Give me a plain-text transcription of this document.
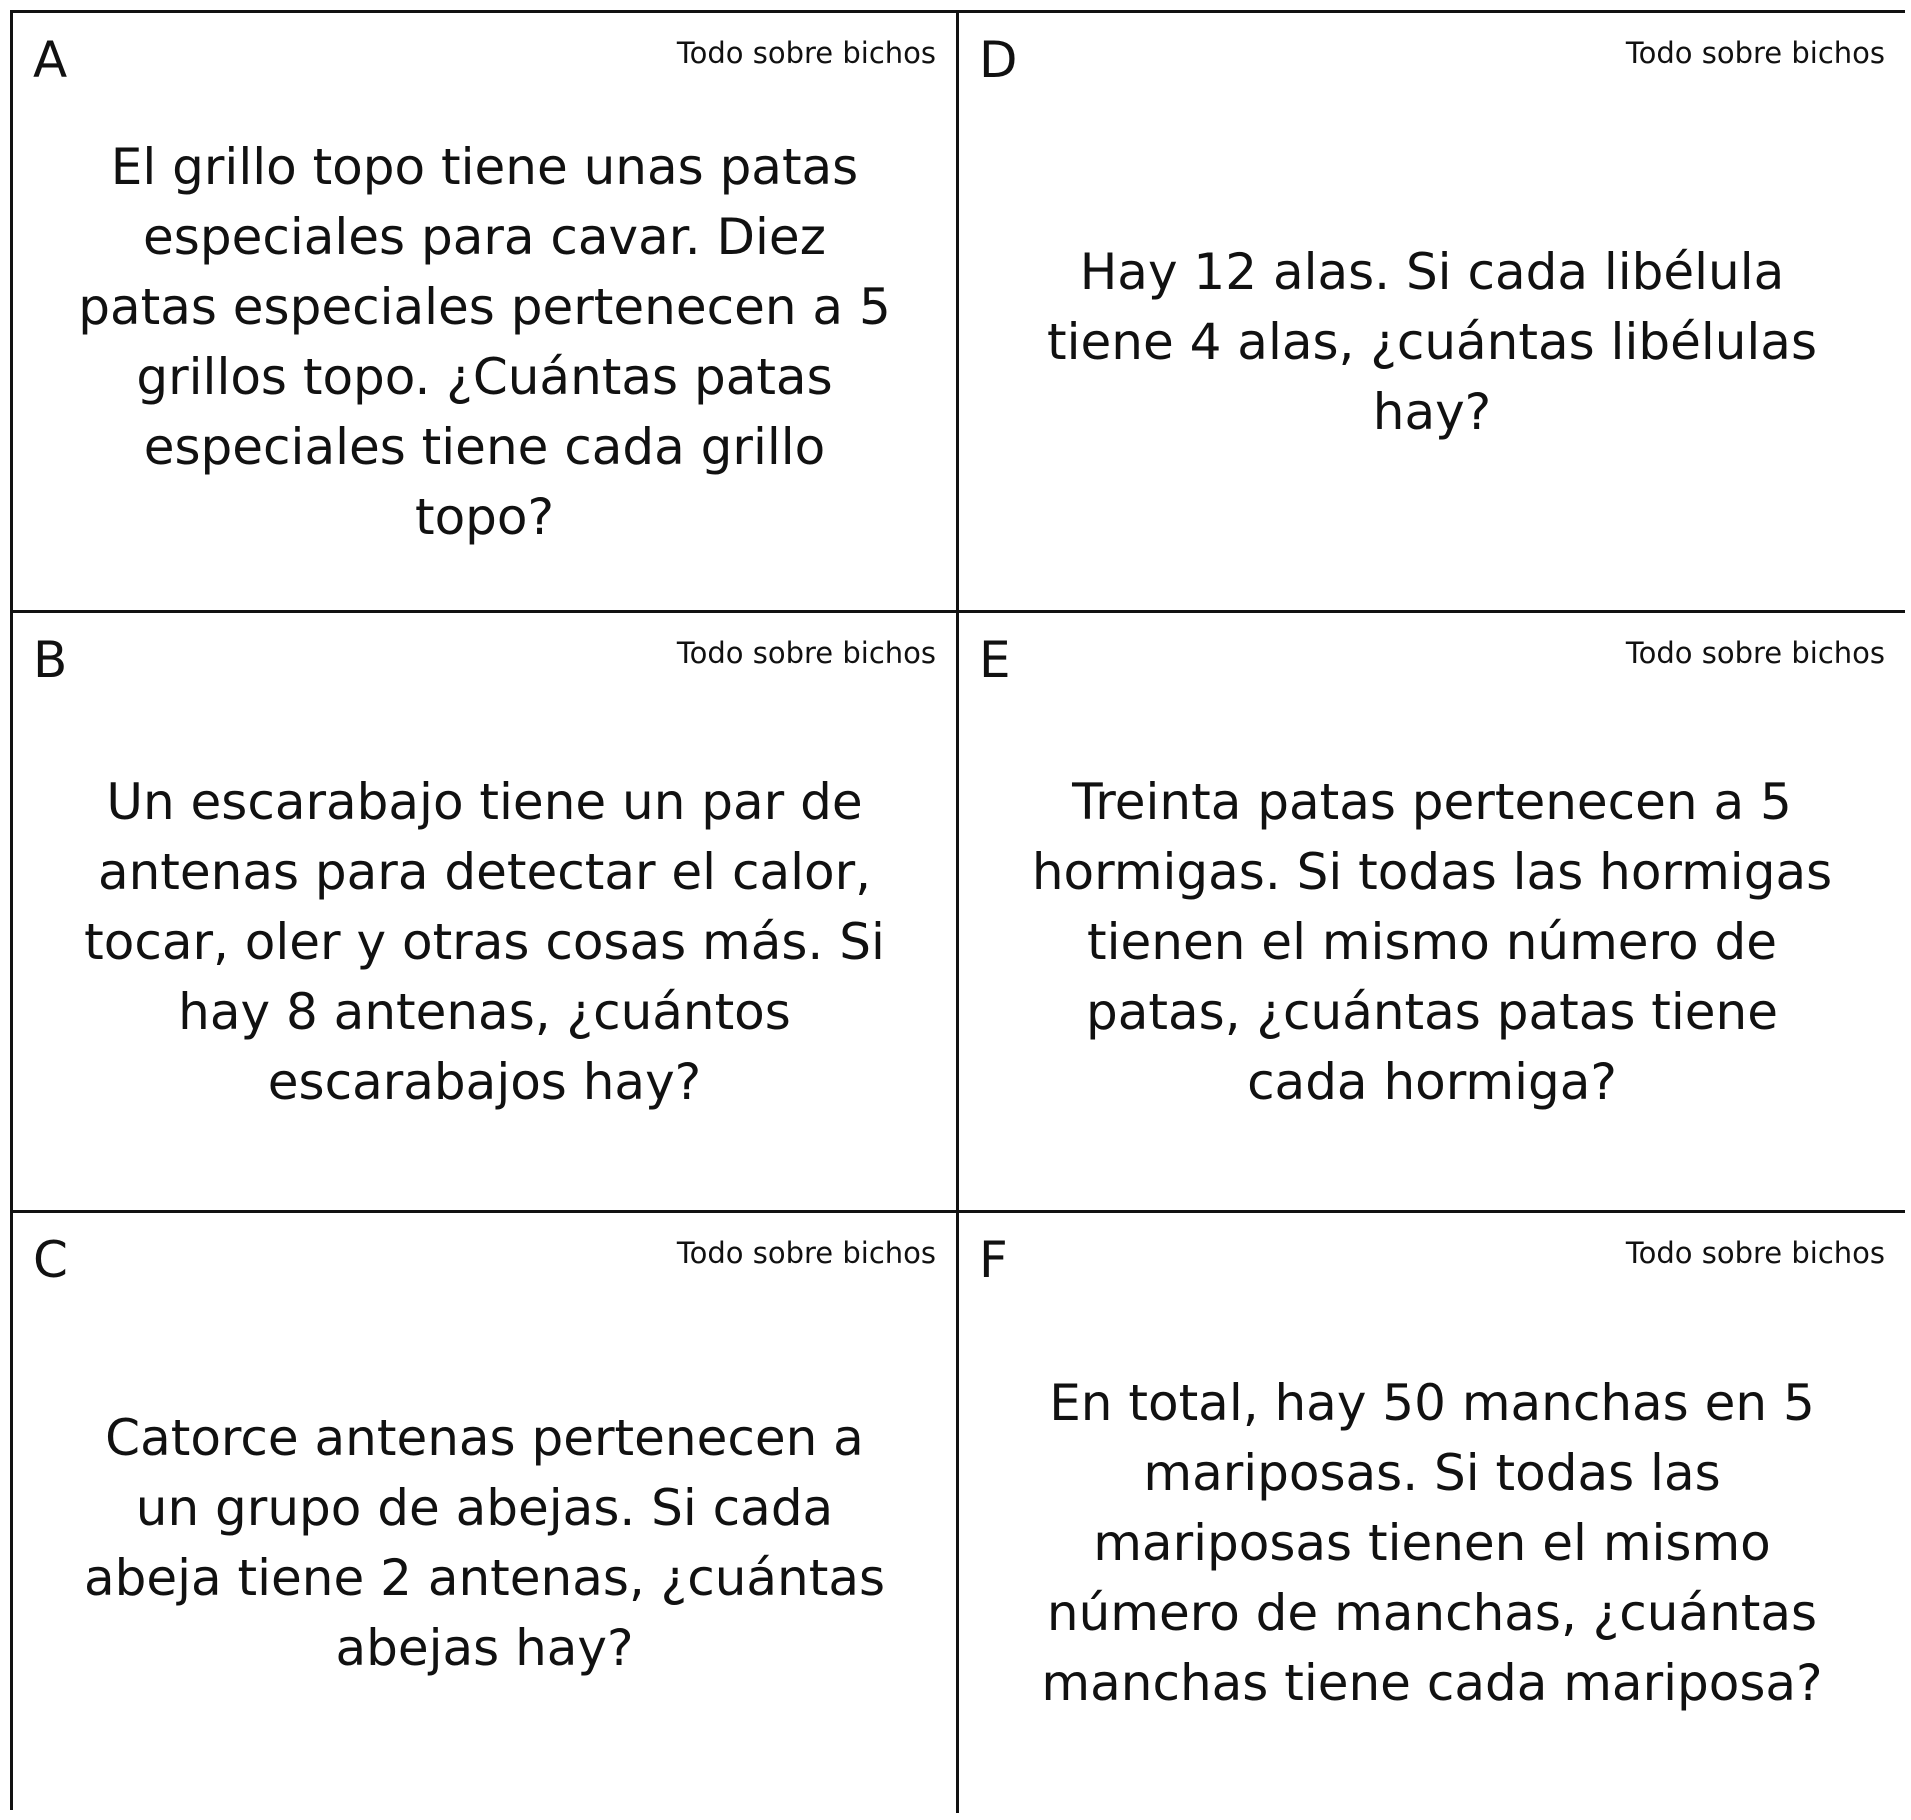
A	Todo sobre bichos

El grillo topo tiene unas patas especiales para cavar. Diez patas especiales pertenecen a 5 grillos topo. ¿Cuántas patas especiales tiene cada grillo topo?

D	Todo sobre bichos

Hay 12 alas. Si cada libélula tiene 4 alas, ¿cuántas libélulas hay?

B	Todo sobre bichos

Un escarabajo tiene un par de antenas para detectar el calor, tocar, oler y otras cosas más. Si hay 8 antenas, ¿cuántos escarabajos hay?

E	Todo sobre bichos

Treinta patas pertenecen a 5 hormigas. Si todas las hormigas tienen el mismo número de patas, ¿cuántas patas tiene cada hormiga?

C	Todo sobre bichos

Catorce antenas pertenecen a un grupo de abejas. Si cada abeja tiene 2 antenas, ¿cuántas abejas hay?

F	Todo sobre bichos

En total, hay 50 manchas en 5 mariposas. Si todas las mariposas tienen el mismo número de manchas, ¿cuántas manchas tiene cada mariposa?
